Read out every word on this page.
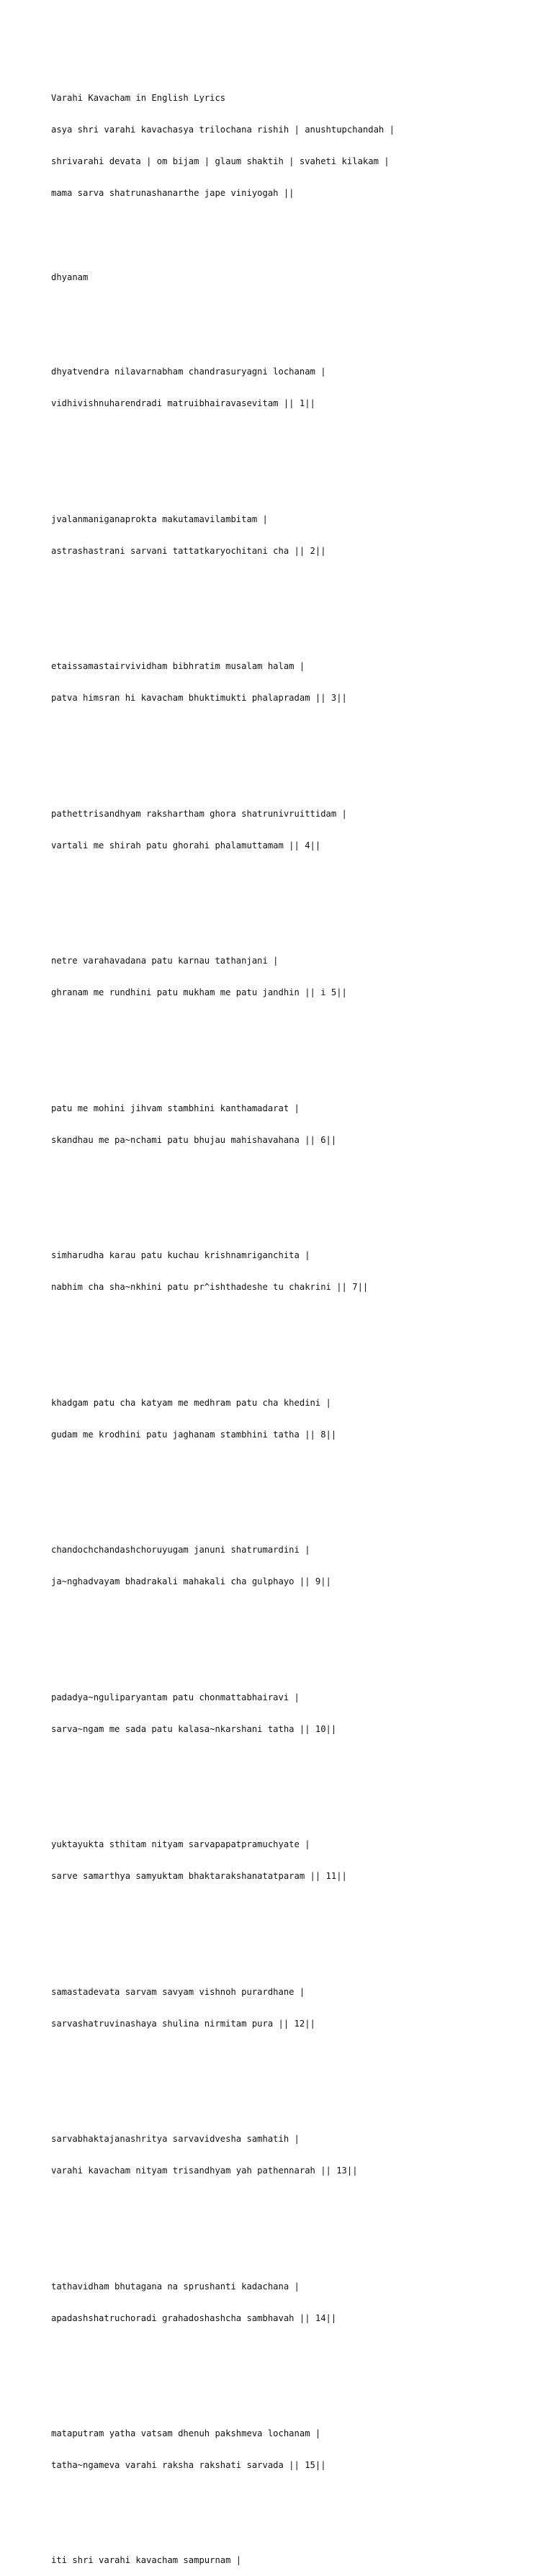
Varahi Kavacham in English Lyrics

asya shri varahi kavachasya trilochana rishih | anushtupchandah |

shrivarahi devata | om bijam | glaum shaktih | svaheti kilakam |

mama sarva shatrunashanarthe jape viniyogah ||

dhyanam

dhyatvendra nilavarnabham chandrasuryagni lochanam |

vidhivishnuharendradi matruibhairavasevitam || 1||

jvalanmaniganaprokta makutamavilambitam |

astrashastrani sarvani tattatkaryochitani cha || 2||

etaissamastairvividham bibhratim musalam halam |

patva himsran hi kavacham bhuktimukti phalapradam || 3||

pathettrisandhyam rakshartham ghora shatrunivruittidam |

vartali me shirah patu ghorahi phalamuttamam || 4||

netre varahavadana patu karnau tathanjani |

ghranam me rundhini patu mukham me patu jandhin || i 5||

patu me mohini jihvam stambhini kanthamadarat |

skandhau me pa~nchami patu bhujau mahishavahana || 6||

simharudha karau patu kuchau krishnamriganchita |

nabhim cha sha~nkhini patu pr^ishthadeshe tu chakrini || 7||

khadgam patu cha katyam me medhram patu cha khedini |

gudam me krodhini patu jaghanam stambhini tatha || 8||

chandochchandashchoruyugam januni shatrumardini |

ja~nghadvayam bhadrakali mahakali cha gulphayo || 9||

padadya~nguliparyantam patu chonmattabhairavi |

sarva~ngam me sada patu kalasa~nkarshani tatha || 10||

yuktayukta sthitam nityam sarvapapatpramuchyate |

sarve samarthya samyuktam bhaktarakshanatatparam || 11||

samastadevata sarvam savyam vishnoh purardhane |

sarvashatruvinashaya shulina nirmitam pura || 12||

sarvabhaktajanashritya sarvavidvesha samhatih |

varahi kavacham nityam trisandhyam yah pathennarah || 13||

tathavidham bhutagana na sprushanti kadachana |

apadashshatruchoradi grahadoshashcha sambhavah || 14||

mataputram yatha vatsam dhenuh pakshmeva lochanam |

tatha~ngameva varahi raksha rakshati sarvada || 15||

iti shri varahi kavacham sampurnam |
